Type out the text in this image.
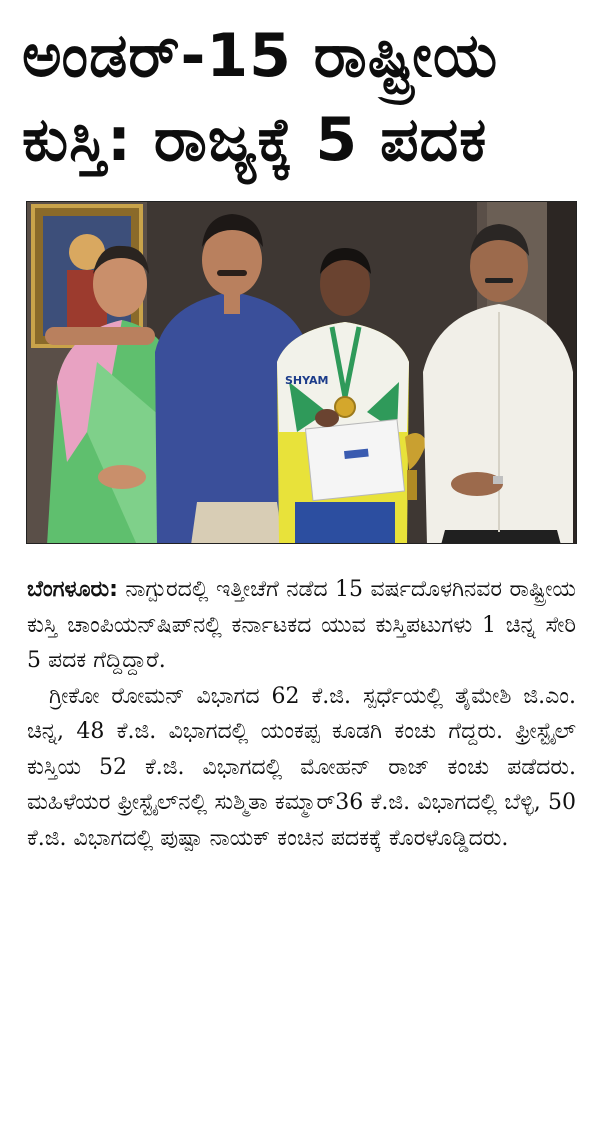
ಅಂಡರ್‌-15 ರಾಷ್ಟ್ರೀಯ
ಕುಸ್ತಿ: ರಾಜ್ಯಕ್ಕೆ 5 ಪದಕ
SHYAM

ಬೆಂಗಳೂರು: ನಾಗ್ಪುರದಲ್ಲಿ ಇತ್ತೀಚೆಗೆ ನಡೆದ 15 ವರ್ಷದೊಳಗಿನವರ ರಾಷ್ಟ್ರೀಯ ಕುಸ್ತಿ ಚಾಂಪಿಯನ್‌ಷಿಪ್‌ನಲ್ಲಿ ಕರ್ನಾಟಕದ ಯುವ ಕುಸ್ತಿಪಟುಗಳು 1 ಚಿನ್ನ ಸೇರಿ 5 ಪದಕ ಗೆದ್ದಿದ್ದಾರೆ.

ಗ್ರೀಕೋ ರೋಮನ್ ವಿಭಾಗದ 62 ಕೆ.ಜಿ. ಸ್ಪರ್ಧೆಯಲ್ಲಿ ತೈಮೇಶಿ ಜಿ.ಎಂ. ಚಿನ್ನ, 48 ಕೆ.ಜಿ. ವಿಭಾಗದಲ್ಲಿ ಯಂಕಪ್ಪ ಕೂಡಗಿ ಕಂಚು ಗೆದ್ದರು. ಫ್ರೀಸ್ಟೈಲ್ ಕುಸ್ತಿಯ 52 ಕೆ.ಜಿ. ವಿಭಾಗದಲ್ಲಿ ಮೋಹನ್ ರಾಜ್ ಕಂಚು ಪಡೆದರು. ಮಹಿಳೆಯರ ಫ್ರೀಸ್ಟೈಲ್‌ನಲ್ಲಿ ಸುಶ್ಮಿತಾ ಕಮ್ಮಾರ್36 ಕೆ.ಜಿ. ವಿಭಾಗದಲ್ಲಿ ಬೆಳ್ಳಿ, 50 ಕೆ.ಜಿ. ವಿಭಾಗದಲ್ಲಿ ಪುಷ್ಪಾ ನಾಯಕ್ ಕಂಚಿನ ಪದಕಕ್ಕೆ ಕೊರಳೊಡ್ಡಿದರು.
